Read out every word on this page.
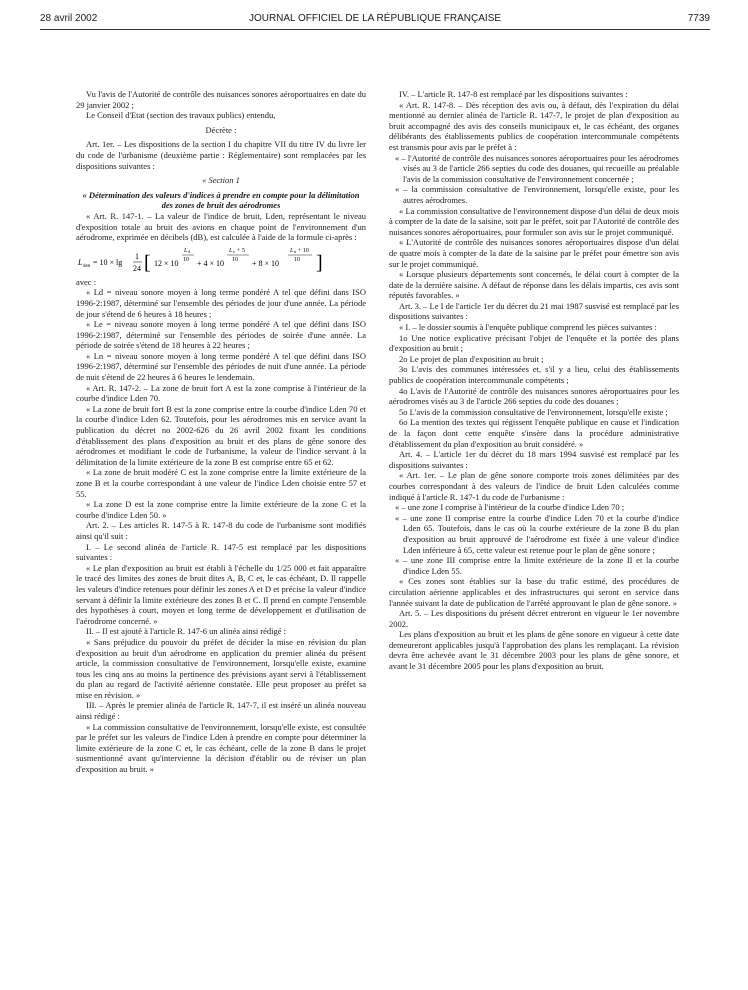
28 avril 2002	JOURNAL OFFICIEL DE LA RÉPUBLIQUE FRANÇAISE	7739

Vu l'avis de l'Autorité de contrôle des nuisances sonores aéroportuaires en date du 29 janvier 2002 ;

Le Conseil d'Etat (section des travaux publics) entendu,

Décrète :

Art. 1er. – Les dispositions de la section I du chapitre VII du titre IV du livre Ier du code de l'urbanisme (deuxième partie : Réglementaire) sont remplacées par les dispositions suivantes :

« Section 1

« Détermination des valeurs d'indices à prendre en compte pour la délimitation des zones de bruit des aérodromes

« Art. R. 147-1. – La valeur de l'indice de bruit, Lden, représentant le niveau d'exposition totale au bruit des avions en chaque point de l'environnement d'un aérodrome, exprimée en décibels (dB), est calculée à l'aide de la formule ci-après :

L den = 10 × lg
1
24 [ 12 × 10
L d
10 + 4 × 10
L e + 5
10 + 8 × 10
L n + 10
10 ]

avec :

« Ld = niveau sonore moyen à long terme pondéré A tel que défini dans ISO 1996-2:1987, déterminé sur l'ensemble des périodes de jour d'une année. La période de jour s'étend de 6 heures à 18 heures ;

« Le = niveau sonore moyen à long terme pondéré A tel que défini dans ISO 1996-2:1987, déterminé sur l'ensemble des périodes de soirée d'une année. La période de soirée s'étend de 18 heures à 22 heures ;

« Ln = niveau sonore moyen à long terme pondéré A tel que défini dans ISO 1996-2:1987, déterminé sur l'ensemble des périodes de nuit d'une année. La période de nuit s'étend de 22 heures à 6 heures le lendemain.

« Art. R. 147-2. – La zone de bruit fort A est la zone comprise à l'intérieur de la courbe d'indice Lden 70.

« La zone de bruit fort B est la zone comprise entre la courbe d'indice Lden 70 et la courbe d'indice Lden 62. Toutefois, pour les aérodromes mis en service avant la publication du décret no 2002-626 du 26 avril 2002 fixant les conditions d'établissement des plans d'exposition au bruit et des plans de gêne sonore des aérodromes et modifiant le code de l'urbanisme, la valeur de l'indice servant à la délimitation de la limite extérieure de la zone B est comprise entre 65 et 62.

« La zone de bruit modéré C est la zone comprise entre la limite extérieure de la zone B et la courbe correspondant à une valeur de l'indice Lden choisie entre 57 et 55.

« La zone D est la zone comprise entre la limite extérieure de la zone C et la courbe d'indice Lden 50. »

Art. 2. – Les articles R. 147-5 à R. 147-8 du code de l'urbanisme sont modifiés ainsi qu'il suit :

I. – Le second alinéa de l'article R. 147-5 est remplacé par les dispositions suivantes :

« Le plan d'exposition au bruit est établi à l'échelle du 1/25 000 et fait apparaître le tracé des limites des zones de bruit dites A, B, C et, le cas échéant, D. Il rappelle les valeurs d'indice retenues pour définir les zones A et D et précise la valeur d'indice servant à définir la limite extérieure des zones B et C. Il prend en compte l'ensemble des hypothèses à court, moyen et long terme de développement et d'utilisation de l'aérodrome concerné. »

II. – Il est ajouté à l'article R. 147-6 un alinéa ainsi rédigé :

« Sans préjudice du pouvoir du préfet de décider la mise en révision du plan d'exposition au bruit d'un aérodrome en application du premier alinéa du présent article, la commission consultative de l'environnement, lorsqu'elle existe, examine tous les cinq ans au moins la pertinence des prévisions ayant servi à l'établissement du plan au regard de l'activité aérienne constatée. Elle peut proposer au préfet sa mise en révision. »

III. – Après le premier alinéa de l'article R. 147-7, il est inséré un alinéa nouveau ainsi rédigé :

« La commission consultative de l'environnement, lorsqu'elle existe, est consultée par le préfet sur les valeurs de l'indice Lden à prendre en compte pour déterminer la limite extérieure de la zone C et, le cas échéant, celle de la zone B dans le projet susmentionné avant qu'intervienne la décision d'établir ou de réviser un plan d'exposition au bruit. »

IV. – L'article R. 147-8 est remplacé par les dispositions suivantes :

« Art. R. 147-8. – Dès réception des avis ou, à défaut, dès l'expiration du délai mentionné au dernier alinéa de l'article R. 147-7, le projet de plan d'exposition au bruit accompagné des avis des conseils municipaux et, le cas échéant, des organes délibérants des établissements publics de coopération intercommunale compétents est transmis pour avis par le préfet à :

« – l'Autorité de contrôle des nuisances sonores aéroportuaires pour les aérodromes visés au 3 de l'article 266 septies du code des douanes, qui recueille au préalable l'avis de la commission consultative de l'environnement concernée ;

« – la commission consultative de l'environnement, lorsqu'elle existe, pour les autres aérodromes.

« La commission consultative de l'environnement dispose d'un délai de deux mois à compter de la date de la saisine, soit par le préfet, soit par l'Autorité de contrôle des nuisances sonores aéroportuaires, pour formuler son avis sur le projet communiqué.

« L'Autorité de contrôle des nuisances sonores aéroportuaires dispose d'un délai de quatre mois à compter de la date de la saisine par le préfet pour émettre son avis sur le projet communiqué.

« Lorsque plusieurs départements sont concernés, le délai court à compter de la date de la dernière saisine. A défaut de réponse dans les délais impartis, ces avis sont réputés favorables. »

Art. 3. – Le I de l'article 1er du décret du 21 mai 1987 susvisé est remplacé par les dispositions suivantes :

« I. – le dossier soumis à l'enquête publique comprend les pièces suivantes :

1o Une notice explicative précisant l'objet de l'enquête et la portée des plans d'exposition au bruit ;

2o Le projet de plan d'exposition au bruit ;

3o L'avis des communes intéressées et, s'il y a lieu, celui des établissements publics de coopération intercommunale compétents ;

4o L'avis de l'Autorité de contrôle des nuisances sonores aéroportuaires pour les aérodromes visés au 3 de l'article 266 septies du code des douanes ;

5o L'avis de la commission consultative de l'environnement, lorsqu'elle existe ;

6o La mention des textes qui régissent l'enquête publique en cause et l'indication de la façon dont cette enquête s'insère dans la procédure administrative d'établissement du plan d'exposition au bruit considéré. »

Art. 4. – L'article 1er du décret du 18 mars 1994 susvisé est remplacé par les dispositions suivantes :

« Art. 1er. – Le plan de gêne sonore comporte trois zones délimitées par des courbes correspondant à des valeurs de l'indice de bruit Lden calculées comme indiqué à l'article R. 147-1 du code de l'urbanisme :

« – une zone I comprise à l'intérieur de la courbe d'indice Lden 70 ;

« – une zone II comprise entre la courbe d'indice Lden 70 et la courbe d'indice Lden 65. Toutefois, dans le cas où la courbe extérieure de la zone B du plan d'exposition au bruit approuvé de l'aérodrome est fixée à une valeur d'indice Lden inférieure à 65, cette valeur est retenue pour le plan de gêne sonore ;

« – une zone III comprise entre la limite extérieure de la zone II et la courbe d'indice Lden 55.

« Ces zones sont établies sur la base du trafic estimé, des procédures de circulation aérienne applicables et des infrastructures qui seront en service dans l'année suivant la date de publication de l'arrêté approuvant le plan de gêne sonore. »

Art. 5. – Les dispositions du présent décret entreront en vigueur le 1er novembre 2002.

Les plans d'exposition au bruit et les plans de gêne sonore en vigueur à cette date demeureront applicables jusqu'à l'approbation des plans les remplaçant. La révision devra être achevée avant le 31 décembre 2003 pour les plans de gêne sonore, et avant le 31 décembre 2005 pour les plans d'exposition au bruit.
